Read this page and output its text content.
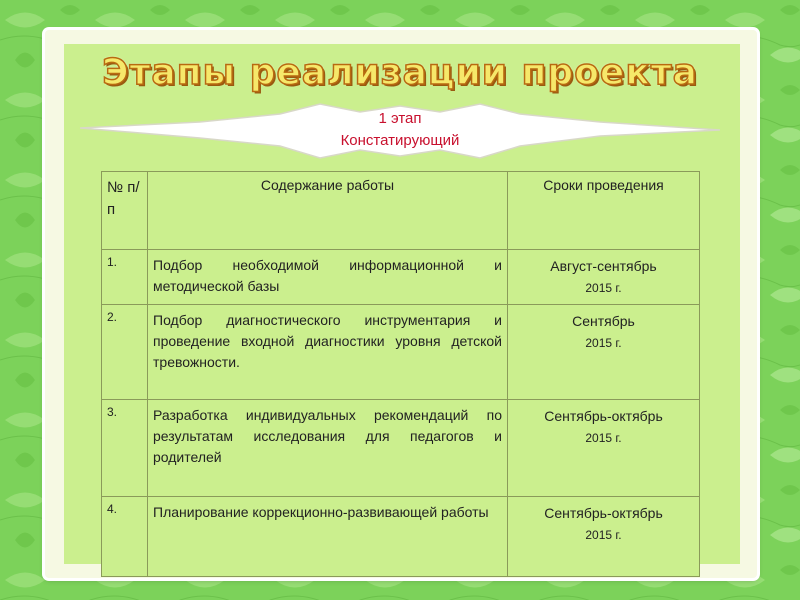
Этапы реализации проекта
1 этап
Констатирующий
№ п/п	Содержание работы	Сроки проведения
1.	Подбор необходимой информационной и методической базы	Август-сентябрь
2015 г.

2.	Подбор диагностического инструментария и проведение входной диагностики уровня детской тревожности.	Сентябрь
2015 г.

3.	Разработка индивидуальных рекомендаций по результатам исследования для педагогов и родителей	Сентябрь-октябрь
2015 г.

4.	Планирование коррекционно-развивающей работы	Сентябрь-октябрь
2015 г.
